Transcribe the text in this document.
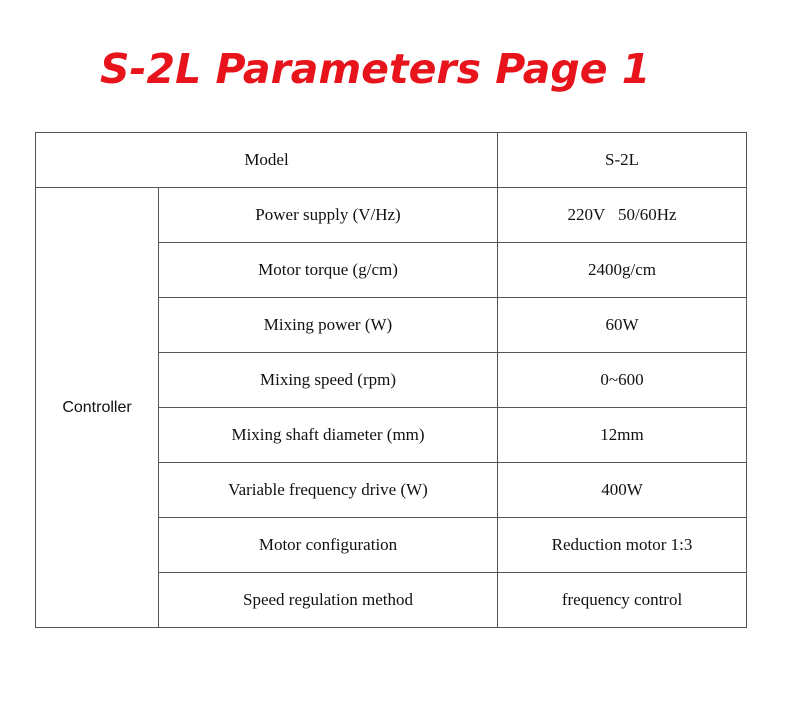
S-2L Parameters Page 1
Model		S-2L
Controller	Power supply (V/Hz)	220V   50/60Hz
	Motor torque (g/cm)	2400g/cm
	Mixing power (W)	60W
	Mixing speed (rpm)	0~600
	Mixing shaft diameter (mm)	12mm
	Variable frequency drive (W)	400W
	Motor configuration	Reduction motor 1:3
	Speed regulation method	frequency control
